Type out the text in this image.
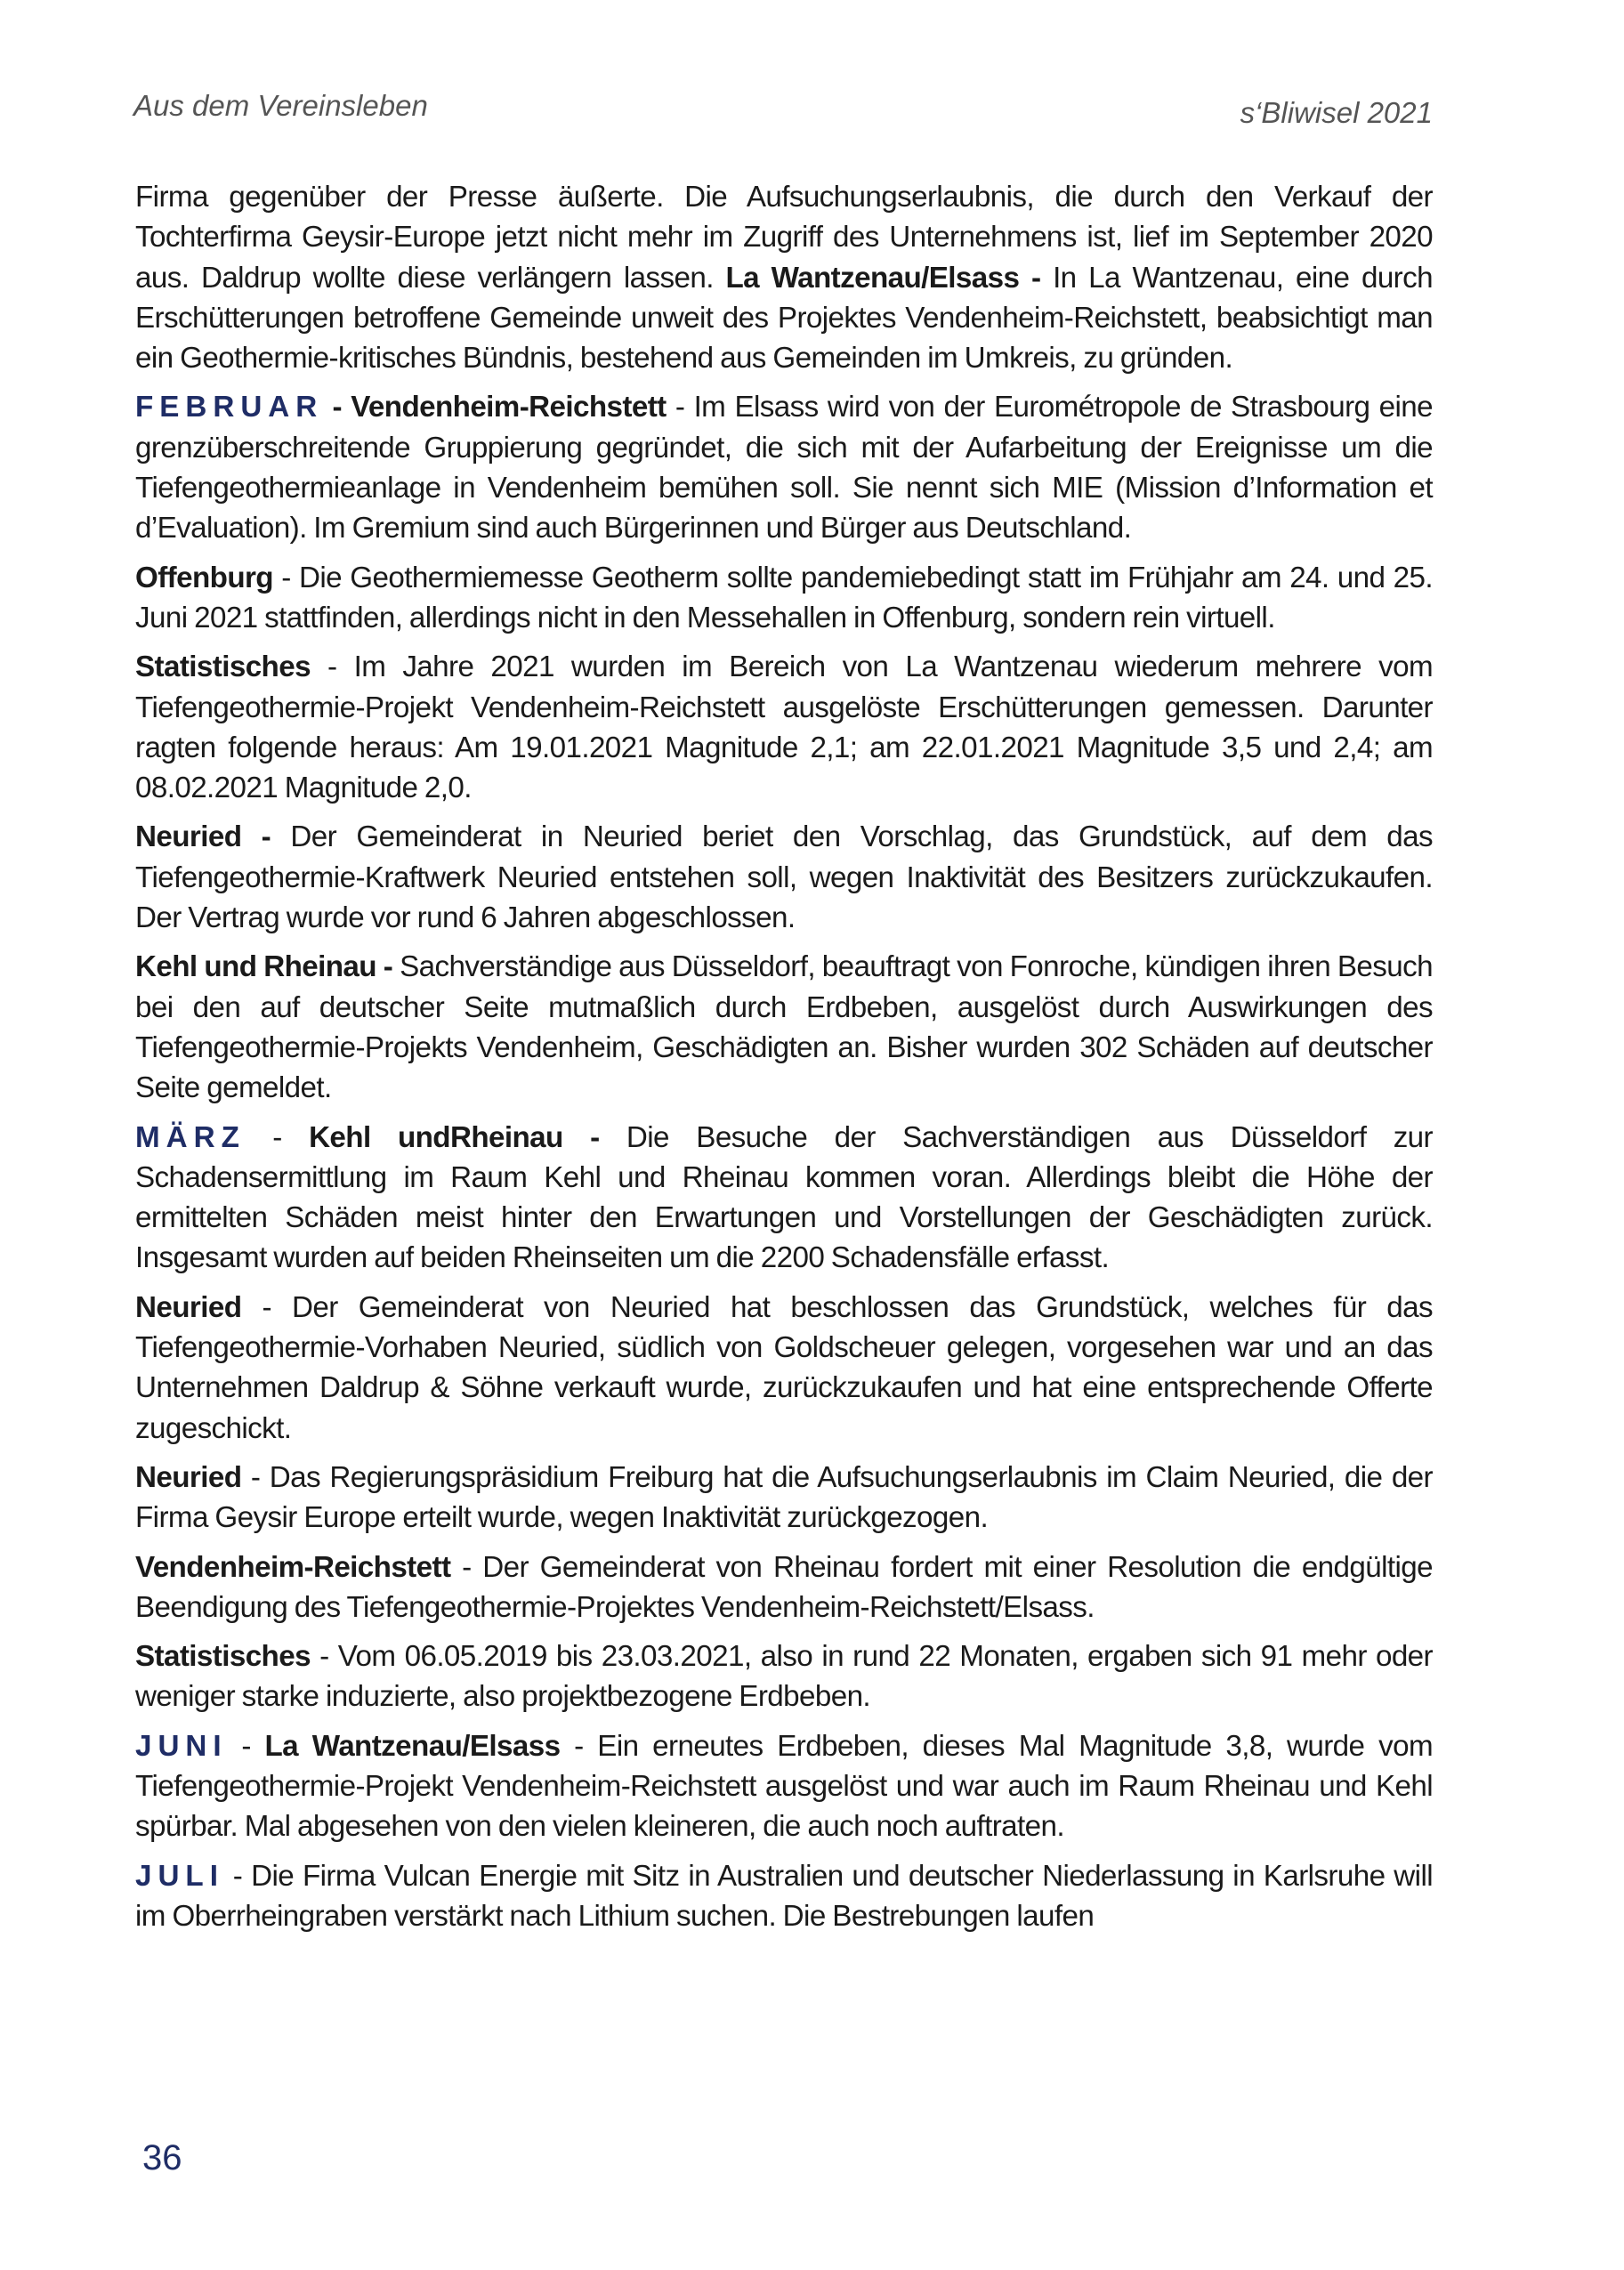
Aus dem Vereinsleben	s‘Bliwisel 2021

Firma gegenüber der Presse äußerte. Die Aufsuchungserlaubnis, die durch den Verkauf der Tochterfirma Geysir-Europe jetzt nicht mehr im Zugriff des Unternehmens ist, lief im September 2020 aus. Daldrup wollte diese verlängern lassen. La Wantzenau/Elsass - In La Wantzenau, eine durch Erschütterungen betroffene Gemeinde unweit des Projektes Vendenheim-Reichstett, beabsichtigt man ein Geothermie-kritisches Bündnis, bestehend aus Gemeinden im Umkreis, zu gründen.

FEBRUAR - Vendenheim-Reichstett - Im Elsass wird von der Eurométropole de Strasbourg eine grenzüberschreitende Gruppierung gegründet, die sich mit der Aufarbeitung der Ereignisse um die Tiefengeothermieanlage in Vendenheim bemühen soll. Sie nennt sich MIE (Mission d’Information et d’Evaluation). Im Gremium sind auch Bürgerinnen und Bürger aus Deutschland.

Offenburg - Die Geothermiemesse Geotherm sollte pandemiebedingt statt im Frühjahr am 24. und 25. Juni 2021 stattfinden, allerdings nicht in den Messehallen in Offenburg, sondern rein virtuell.

Statistisches - Im Jahre 2021 wurden im Bereich von La Wantzenau wiederum mehrere vom Tiefengeothermie-Projekt Vendenheim-Reichstett ausgelöste Erschütterungen gemessen. Darunter ragten folgende heraus: Am 19.01.2021 Magnitude 2,1; am 22.01.2021 Magnitude 3,5 und 2,4; am 08.02.2021 Magnitude 2,0.

Neuried - Der Gemeinderat in Neuried beriet den Vorschlag, das Grundstück, auf dem das Tiefengeothermie-Kraftwerk Neuried entstehen soll, wegen Inaktivität des Besitzers zurückzukaufen. Der Vertrag wurde vor rund 6 Jahren abgeschlossen.

Kehl und Rheinau - Sachverständige aus Düsseldorf, beauftragt von Fonroche, kündigen ihren Besuch bei den auf deutscher Seite mutmaßlich durch Erdbeben, ausgelöst durch Auswirkungen des Tiefengeothermie-Projekts Vendenheim, Geschädigten an. Bisher wurden 302 Schäden auf deutscher Seite gemeldet.

MÄRZ - Kehl undRheinau - Die Besuche der Sachverständigen aus Düsseldorf zur Schadensermittlung im Raum Kehl und Rheinau kommen voran. Allerdings bleibt die Höhe der ermittelten Schäden meist hinter den Erwartungen und Vorstellungen der Geschädigten zurück. Insgesamt wurden auf beiden Rheinseiten um die 2200 Schadensfälle erfasst.

Neuried - Der Gemeinderat von Neuried hat beschlossen das Grundstück, welches für das Tiefengeothermie-Vorhaben Neuried, südlich von Goldscheuer gelegen, vorgesehen war und an das Unternehmen Daldrup & Söhne verkauft wurde, zurückzukaufen und hat eine entsprechende Offerte zugeschickt.

Neuried - Das Regierungspräsidium Freiburg hat die Aufsuchungserlaubnis im Claim Neuried, die der Firma Geysir Europe erteilt wurde, wegen Inaktivität zurückgezogen.

Vendenheim-Reichstett - Der Gemeinderat von Rheinau fordert mit einer Resolution die endgültige Beendigung des Tiefengeothermie-Projektes Vendenheim-Reichstett/Elsass.

Statistisches - Vom 06.05.2019 bis 23.03.2021, also in rund 22 Monaten, ergaben sich 91 mehr oder weniger starke induzierte, also projektbezogene Erdbeben.

JUNI - La Wantzenau/Elsass - Ein erneutes Erdbeben, dieses Mal Magnitude 3,8, wurde vom Tiefengeothermie-Projekt Vendenheim-Reichstett ausgelöst und war auch im Raum Rheinau und Kehl spürbar. Mal abgesehen von den vielen kleineren, die auch noch auftraten.

JULI - Die Firma Vulcan Energie mit Sitz in Australien und deutscher Niederlassung in Karlsruhe will im Oberrheingraben verstärkt nach Lithium suchen. Die Bestrebungen laufen

36
